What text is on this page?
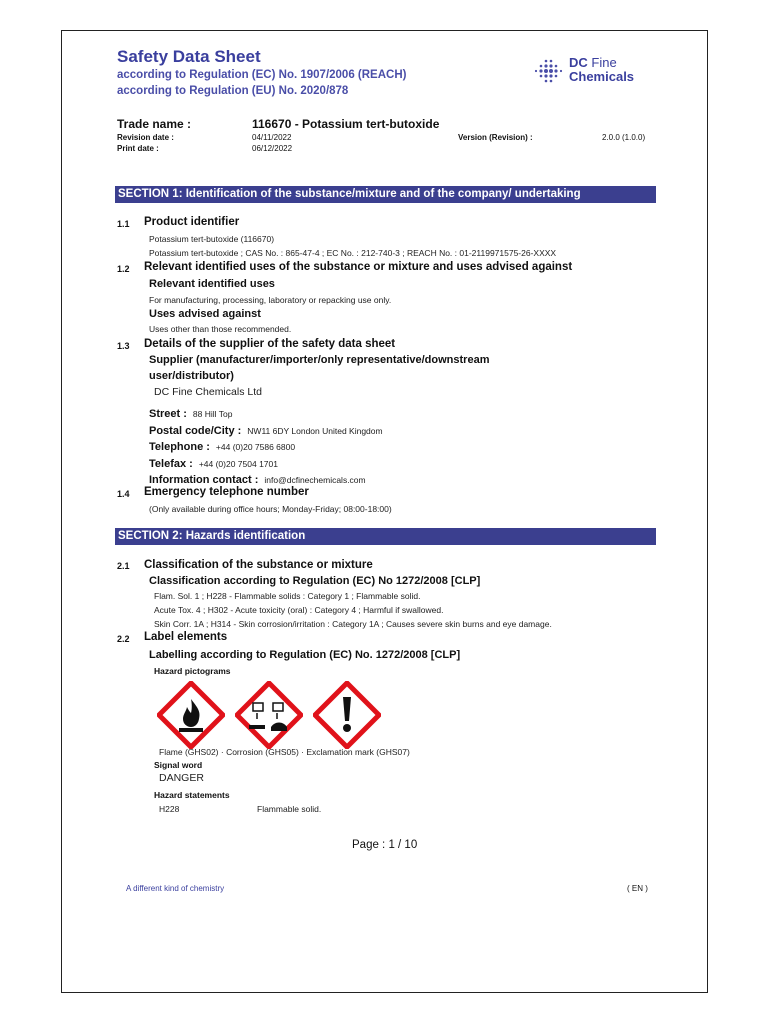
Safety Data Sheet
according to Regulation (EC) No. 1907/2006 (REACH)
according to Regulation (EU) No. 2020/878
DC Fine
Chemicals
Trade name :	116670 - Potassium tert-butoxide
Revision date :	04/11/2022
Print date :	06/12/2022
Version (Revision) :	2.0.0 (1.0.0)
SECTION 1: Identification of the substance/mixture and of the company/ undertaking
1.1 Product identifier
Potassium tert-butoxide (116670)
Potassium tert-butoxide ; CAS No. : 865-47-4 ; EC No. : 212-740-3 ; REACH No. : 01-2119971575-26-XXXX
1.2 Relevant identified uses of the substance or mixture and uses advised against
Relevant identified uses
For manufacturing, processing, laboratory or repacking use only.
Uses advised against
Uses other than those recommended.
1.3 Details of the supplier of the safety data sheet
Supplier (manufacturer/importer/only representative/downstream
user/distributor)
DC Fine Chemicals Ltd
Street : 88 Hill Top
Postal code/City : NW11 6DY London United Kingdom
Telephone : +44 (0)20 7586 6800
Telefax : +44 (0)20 7504 1701
Information contact : info@dcfinechemicals.com
1.4 Emergency telephone number
(Only available during office hours; Monday-Friday; 08:00-18:00)
SECTION 2: Hazards identification
2.1 Classification of the substance or mixture
Classification according to Regulation (EC) No 1272/2008 [CLP]
Flam. Sol. 1 ; H228 - Flammable solids : Category 1 ; Flammable solid.
Acute Tox. 4 ; H302 - Acute toxicity (oral) : Category 4 ; Harmful if swallowed.
Skin Corr. 1A ; H314 - Skin corrosion/irritation : Category 1A ; Causes severe skin burns and eye damage.
2.2 Label elements
Labelling according to Regulation (EC) No. 1272/2008 [CLP]
Hazard pictograms
Flame (GHS02) · Corrosion (GHS05) · Exclamation mark (GHS07)
Signal word
DANGER
Hazard statements
H228	Flammable solid.
Page : 1 / 10
A different kind of chemistry	( EN )
